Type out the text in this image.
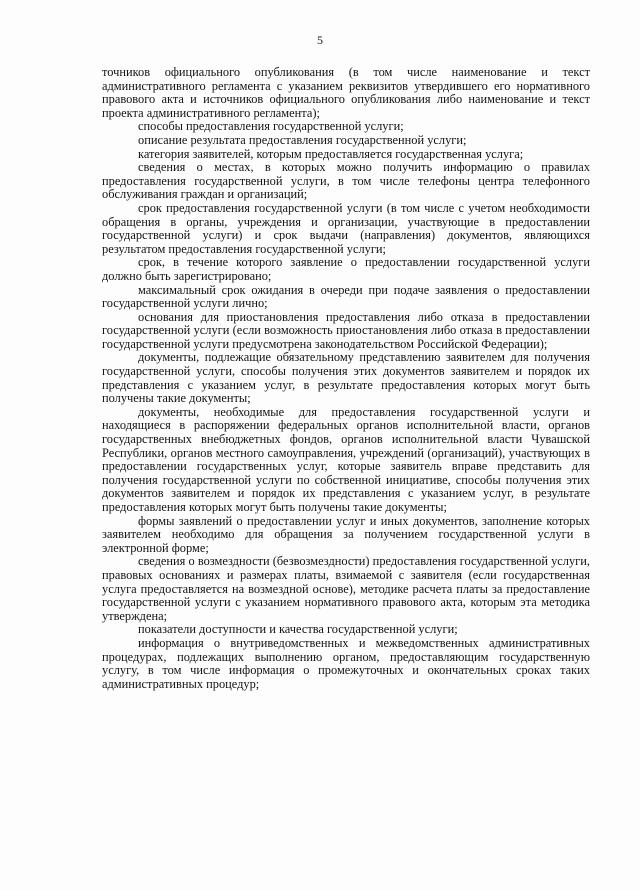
5

точников официального опубликования (в том числе наименование и текст административного регламента с указанием реквизитов утвердившего его нормативного правового акта и источников официального опубликования либо наименование и текст проекта административного регламента);

способы предоставления государственной услуги;

описание результата предоставления государственной услуги;

категория заявителей, которым предоставляется государственная услуга;

сведения о местах, в которых можно получить информацию о правилах предоставления государственной услуги, в том числе телефоны центра телефонного обслуживания граждан и организаций;

срок предоставления государственной услуги (в том числе с учетом необходимости обращения в органы, учреждения и организации, участвующие в предоставлении государственной услуги) и срок выдачи (направления) документов, являющихся результатом предоставления государственной услуги;

срок, в течение которого заявление о предоставлении государственной услуги должно быть зарегистрировано;

максимальный срок ожидания в очереди при подаче заявления о предоставлении государственной услуги лично;

основания для приостановления предоставления либо отказа в предоставлении государственной услуги (если возможность приостановления либо отказа в предоставлении государственной услуги предусмотрена законодательством Российской Федерации);

документы, подлежащие обязательному представлению заявителем для получения государственной услуги, способы получения этих документов заявителем и порядок их представления с указанием услуг, в результате предоставления которых могут быть получены такие документы;

документы, необходимые для предоставления государственной услуги и находящиеся в распоряжении федеральных органов исполнительной власти, органов государственных внебюджетных фондов, органов исполнительной власти Чувашской Республики, органов местного самоуправления, учреждений (организаций), участвующих в предоставлении государственных услуг, которые заявитель вправе представить для получения государственной услуги по собственной инициативе, способы получения этих документов заявителем и порядок их представления с указанием услуг, в результате предоставления которых могут быть получены такие документы;

формы заявлений о предоставлении услуг и иных документов, заполнение которых заявителем необходимо для обращения за получением государственной услуги в электронной форме;

сведения о возмездности (безвозмездности) предоставления государственной услуги, правовых основаниях и размерах платы, взимаемой с заявителя (если государственная услуга предоставляется на возмездной основе), методике расчета платы за предоставление государственной услуги с указанием нормативного правового акта, которым эта методика утверждена;

показатели доступности и качества государственной услуги;

информация о внутриведомственных и межведомственных административных процедурах, подлежащих выполнению органом, предоставляющим государственную услугу, в том числе информация о промежуточных и окончательных сроках таких административных процедур;
